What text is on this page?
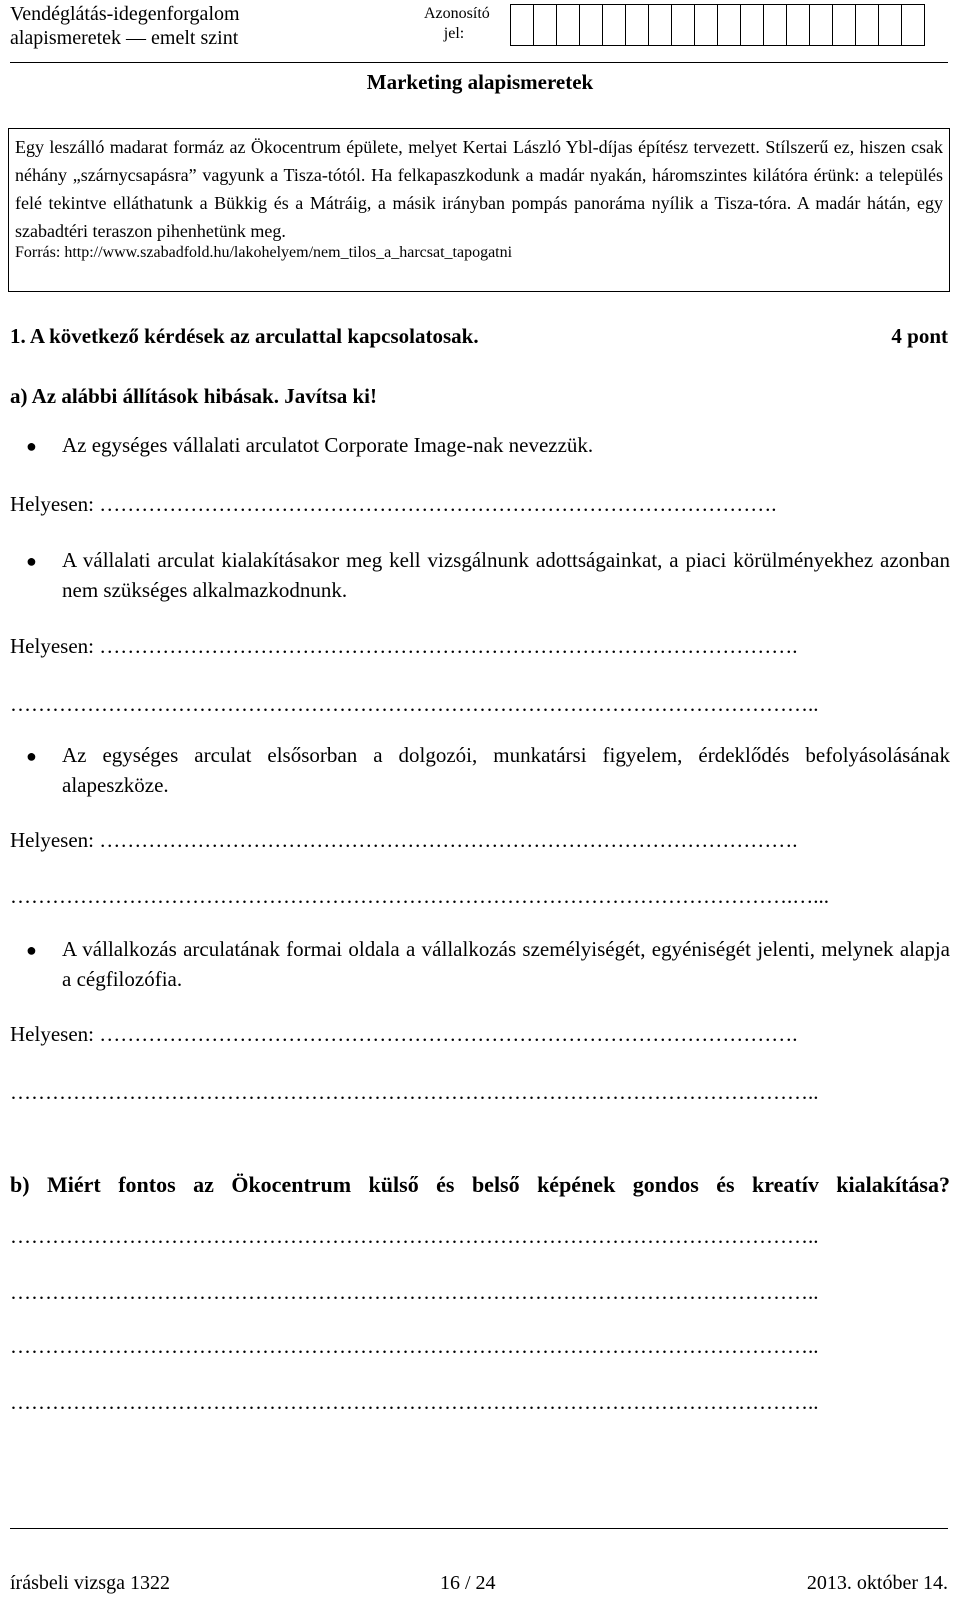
Vendéglátás-idegenforgalom
alapismeretek — emelt szint
Azonosító
jel:
Marketing alapismeretek
Egy leszálló madarat formáz az Ökocentrum épülete, melyet Kertai László Ybl-díjas építész tervezett. Stílszerű ez, hiszen csak néhány „szárnycsapásra” vagyunk a Tisza-tótól. Ha felkapaszkodunk a madár nyakán, háromszintes kilátóra érünk: a település felé tekintve elláthatunk a Bükkig és a Mátráig, a másik irányban pompás panoráma nyílik a Tisza-tóra. A madár hátán, egy szabadtéri teraszon pihenhetünk meg.
Forrás: http://www.szabadfold.hu/lakohelyem/nem_tilos_a_harcsat_tapogatni
1. A következő kérdések az arculattal kapcsolatosak.	4 pont
a) Az alábbi állítások hibásak. Javítsa ki!
● Az egységes vállalati arculatot Corporate Image-nak nevezzük.
Helyesen: …………………………………………………………………………………….
● A vállalati arculat kialakításakor meg kell vizsgálnunk adottságainkat, a piaci körülményekhez azonban nem szükséges alkalmazkodnunk.
Helyesen: ……………………………………………………………………………………….
……………………………………………………………………………………………………..
● Az egységes arculat elsősorban a dolgozói, munkatársi figyelem, érdeklődés befolyásolásának alapeszköze.
Helyesen: ……………………………………………………………………………………….
………………………………………………………………………………………………….…...
● A vállalkozás arculatának formai oldala a vállalkozás személyiségét, egyéniségét jelenti, melynek alapja a cégfilozófia.
Helyesen: ……………………………………………………………………………………….
……………………………………………………………………………………………………..
b) Miért fontos az Ökocentrum külső és belső képének gondos és kreatív kialakítása?
……………………………………………………………………………………………………..
……………………………………………………………………………………………………..
……………………………………………………………………………………………………..
……………………………………………………………………………………………………..
írásbeli vizsga 1322	16 / 24	2013. október 14.
